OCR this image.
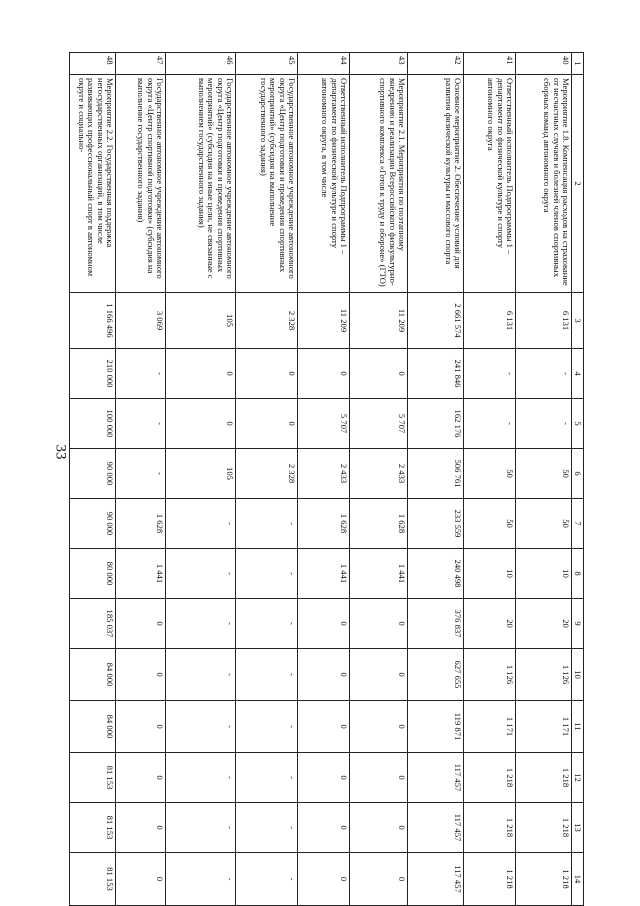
33
1	2	3	4	5	6	7	8	9	10	11	12	13	14
40	Мероприятие 1.8. Компенсация расходов на страхование от несчастных случаев и болезней членов спортивных сборных команд автономного округа	6 131	-	-	50	50	10	20	1 126	1 171	1 218	1 218	1 218
41	Ответственный исполнитель Подпрограммы 1 – департамент по физической культуре и спорту автономного округа	6 131	-	-	50	50	10	20	1 126	1 171	1 218	1 218	1 218
42	Основное мероприятие 2. Обеспечение условий для развития физической культуры и массового спорта	2 661 574	241 846	162 176	506 761	233 559	240 498	376 837	627 655	119 871	117 457	117 457	117 457
43	Мероприятие 2.1. Мероприятия по поэтапному внедрению и реализации Всероссийского физкультурно-спортивного комплекса «Готов к труду и обороне» (ГТО)	11 209	0	5 707	2 433	1 628	1 441	0	0	0	0	0	0
44	Ответственный исполнитель Подпрограммы 1 – департамент по физической культуре и спорту автономного округа, в том числе	11 209	0	5 707	2 433	1 628	1 441	0	0	0	0	0	0
45	Государственное автономное учреждение автономного округа «Центр подготовки и проведения спортивных мероприятий» (субсидия на выполнение государственного задания)	2 328	0	0	2 328	-	-	-	-	-	-	-	-
46	Государственное автономное учреждение автономного округа «Центр подготовки и проведения спортивных мероприятий» (субсидия на иные цели, не связанные с выполнением государственного задания)	105	0	0	105	-	-	-	-	-	-	-	-
47	Государственное автономное учреждение автономного округа «Центр спортивной подготовки» (субсидия на выполнение государственного задания)	3 069	-	-	-	1 628	1 441	0	0	0	0	0	0
48	Мероприятие 2.2. Государственная поддержка негосударственных организаций, в том числе развивающих профессиональный спорт в автономном округе и социально-	1 166 496	210 000	100 000	90 000	90 000	80 000	185 037	84 000	84 000	81 153	81 153	81 153
